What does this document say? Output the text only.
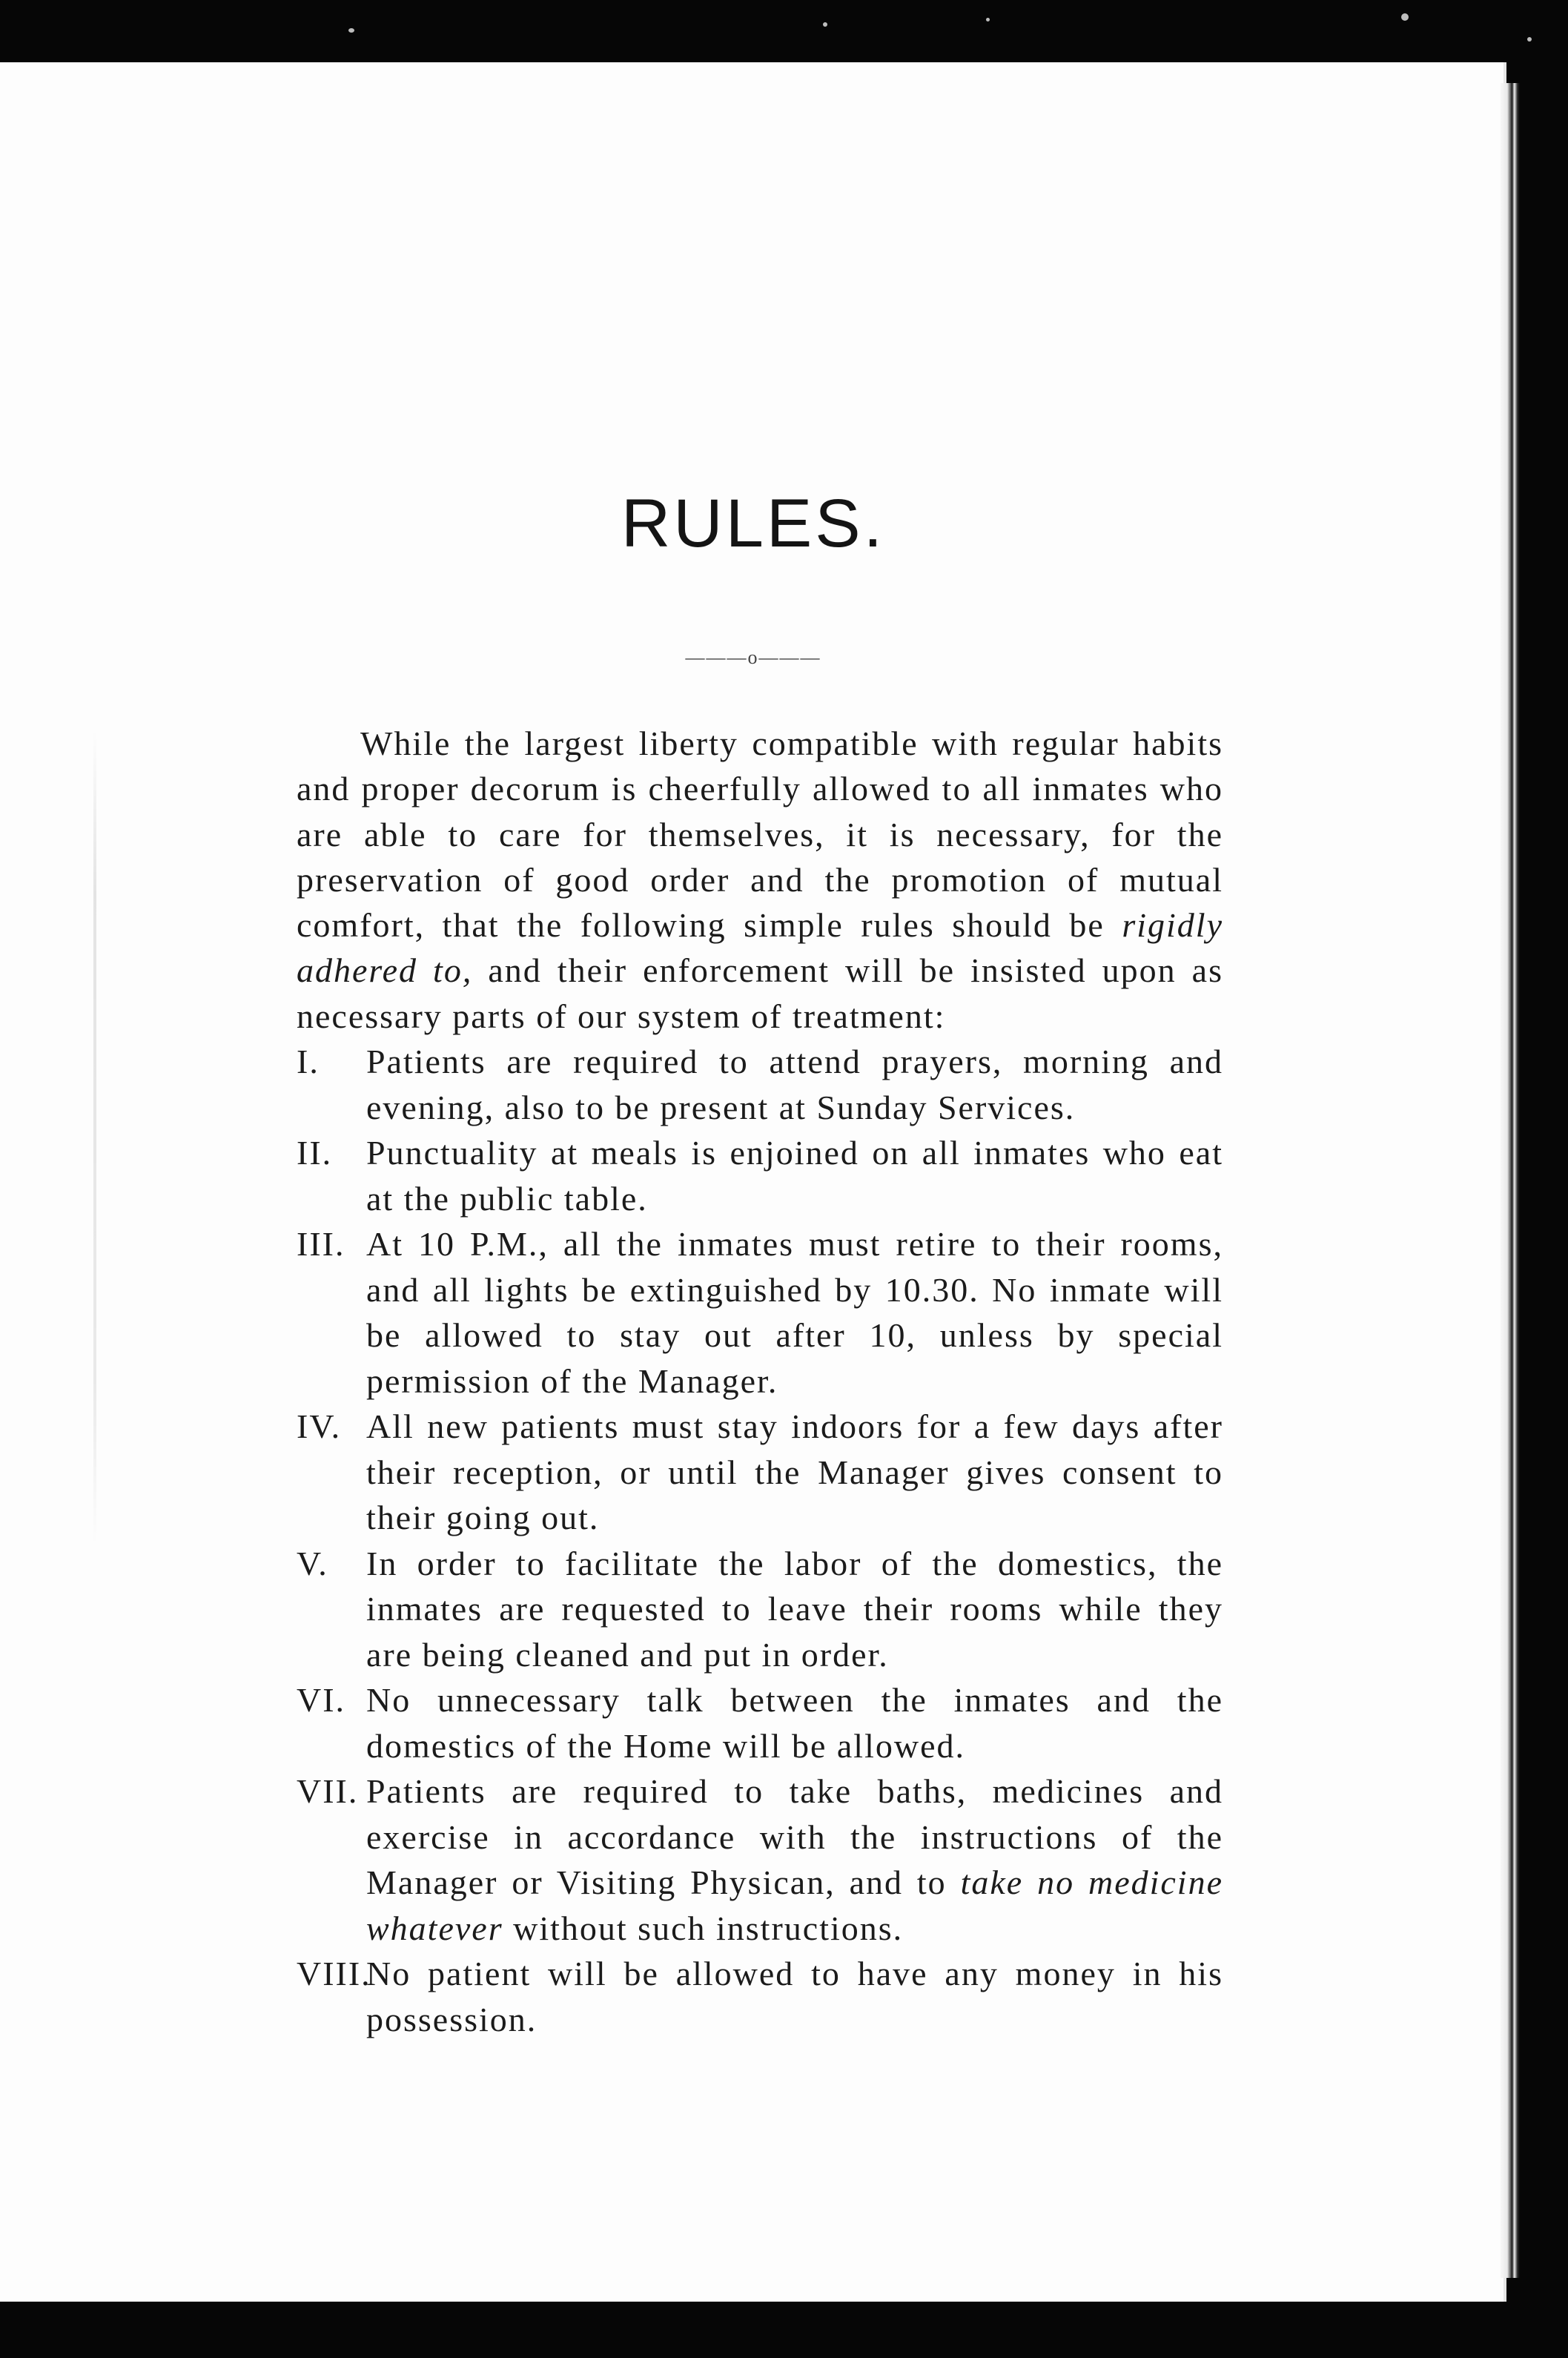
RULES.
———o———

While the largest liberty compatible with regular habits and proper decorum is cheerfully allowed to all inmates who are able to care for themselves, it is necessary, for the preservation of good order and the promotion of mutual comfort, that the following simple rules should be rigidly adhered to, and their enforcement will be insisted upon as necessary parts of our system of treatment:

I. Patients are required to attend prayers, morning and evening, also to be present at Sunday Services.
II. Punctuality at meals is enjoined on all inmates who eat at the public table.
III. At 10 P.M., all the inmates must retire to their rooms, and all lights be extinguished by 10.30. No inmate will be allowed to stay out after 10, unless by special permission of the Manager.
IV. All new patients must stay indoors for a few days after their reception, or until the Manager gives consent to their going out.
V. In order to facilitate the labor of the domestics, the inmates are requested to leave their rooms while they are being cleaned and put in order.
VI. No unnecessary talk between the inmates and the domestics of the Home will be allowed.
VII. Patients are required to take baths, medicines and exercise in accordance with the instructions of the Manager or Visiting Physican, and to take no medicine whatever without such instructions.
VIII.
No patient will be allowed to have any money in his possession.
